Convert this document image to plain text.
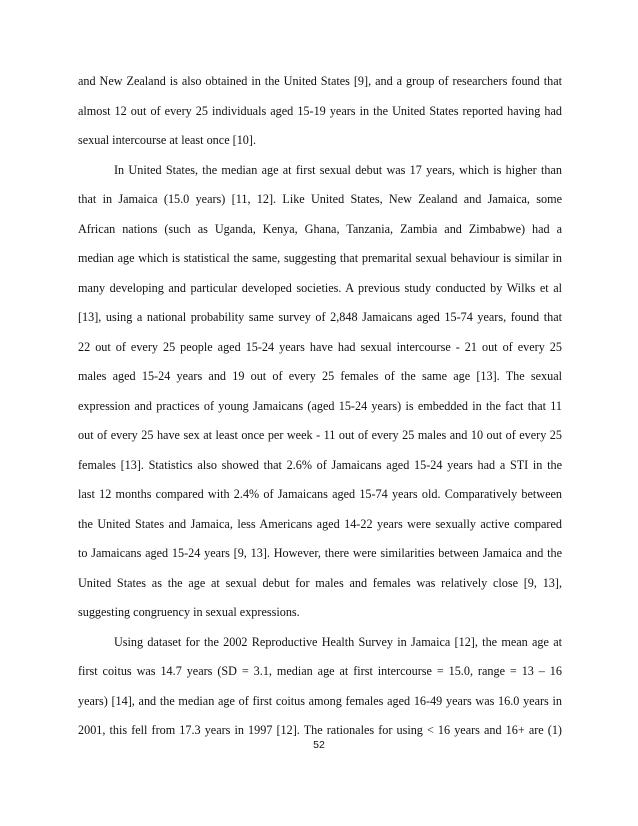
and New Zealand is also obtained in the United States [9], and a group of researchers found that
almost 12 out of every 25 individuals aged 15-19 years in the United States reported having had
sexual intercourse at least once [10].
In United States, the median age at first sexual debut was 17 years, which is higher than
that in Jamaica (15.0 years) [11, 12]. Like United States, New Zealand and Jamaica, some
African nations (such as Uganda, Kenya, Ghana, Tanzania, Zambia and Zimbabwe) had a
median age which is statistical the same, suggesting that premarital sexual behaviour is similar in
many developing and particular developed societies. A previous study conducted by Wilks et al
[13], using a national probability same survey of 2,848 Jamaicans aged 15-74 years, found that
22 out of every 25 people aged 15-24 years have had sexual intercourse - 21 out of every 25
males aged 15-24 years and 19 out of every 25 females of the same age [13]. The sexual
expression and practices of young Jamaicans (aged 15-24 years) is embedded in the fact that 11
out of every 25 have sex at least once per week - 11 out of every 25 males and 10 out of every 25
females [13]. Statistics also showed that 2.6% of Jamaicans aged 15-24 years had a STI in the
last 12 months compared with 2.4% of Jamaicans aged 15-74 years old. Comparatively between
the United States and Jamaica, less Americans aged 14-22 years were sexually active compared
to Jamaicans aged 15-24 years [9, 13]. However, there were similarities between Jamaica and the
United States as the age at sexual debut for males and females was relatively close [9, 13],
suggesting congruency in sexual expressions.
Using dataset for the 2002 Reproductive Health Survey in Jamaica [12], the mean age at
first coitus was 14.7 years (SD = 3.1, median age at first intercourse = 15.0, range = 13 – 16
years) [14], and the median age of first coitus among females aged 16-49 years was 16.0 years in
2001, this fell from 17.3 years in 1997 [12]. The rationales for using < 16 years and 16+ are (1)
52
